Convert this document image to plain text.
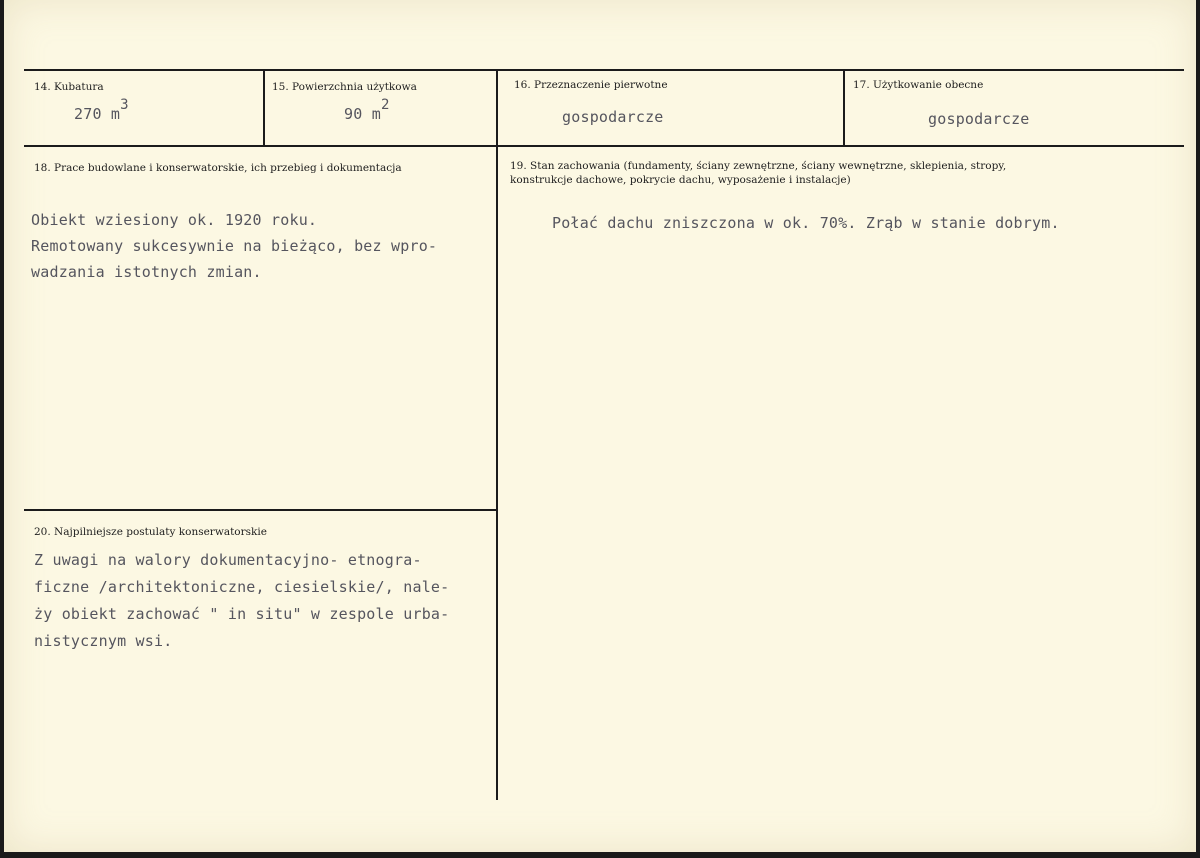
14. Kubatura
270 $m^3$
15. Powierzchnia użytkowa
90 $m^2$
16. Przeznaczenie pierwotne
gospodarcze
17. Użytkowanie obecne
gospodarcze
18. Prace budowlane i konserwatorskie, ich przebieg i dokumentacja
Obiekt wziesiony ok. 1920 roku.
Remotowany sukcesywnie na bieżąco, bez wpro-
wadzania istotnych zmian.
19. Stan zachowania (fundamenty, ściany zewnętrzne, ściany wewnętrzne, sklepienia, stropy,
konstrukcje dachowe, pokrycie dachu, wyposażenie i instalacje)
Połać dachu zniszczona w ok. 70%. Zrąb w stanie dobrym.
20. Najpilniejsze postulaty konserwatorskie
Z uwagi na walory dokumentacyjno- etnogra-
ficzne /architektoniczne, ciesielskie/, nale-
ży obiekt zachować " in situ" w zespole urba-
nistycznym wsi.
